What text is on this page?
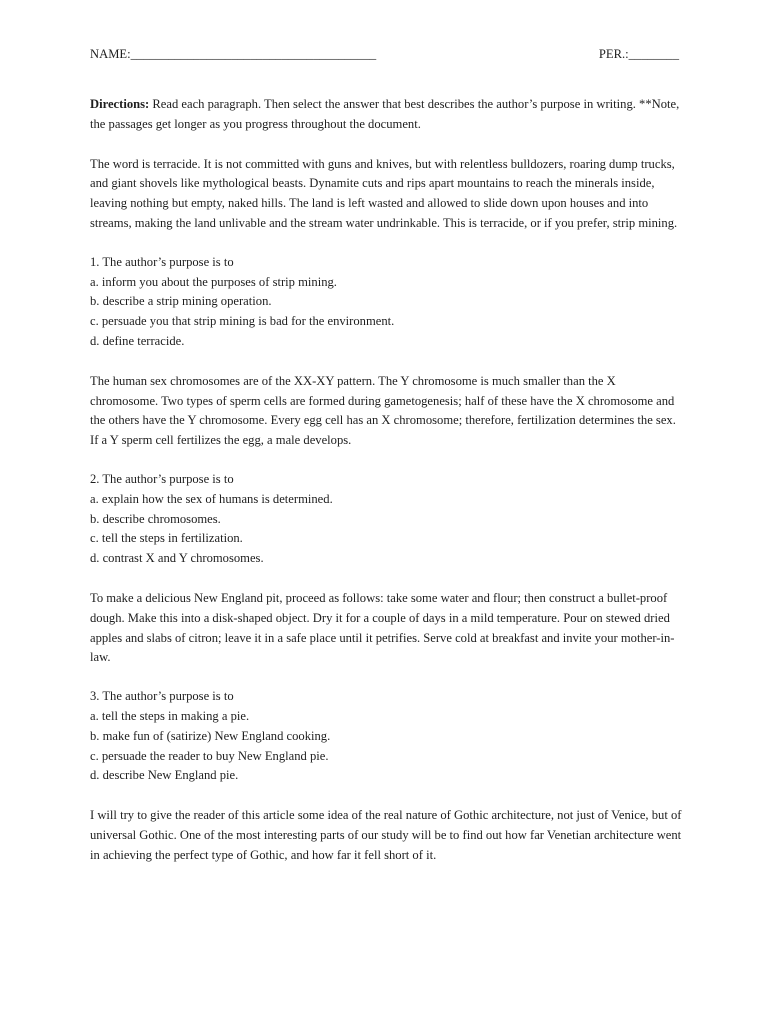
NAME:_______________________________________	PER.:________
Directions: Read each paragraph. Then select the answer that best describes the author’s purpose in writing. **Note, the passages get longer as you progress throughout the document.
The word is terracide. It is not committed with guns and knives, but with relentless bulldozers, roaring dump trucks, and giant shovels like mythological beasts. Dynamite cuts and rips apart mountains to reach the minerals inside, leaving nothing but empty, naked hills. The land is left wasted and allowed to slide down upon houses and into streams, making the land unlivable and the stream water undrinkable. This is terracide, or if you prefer, strip mining.
1. The author’s purpose is to
a. inform you about the purposes of strip mining.
b. describe a strip mining operation.
c. persuade you that strip mining is bad for the environment.
d. define terracide.
The human sex chromosomes are of the XX-XY pattern. The Y chromosome is much smaller than the X chromosome. Two types of sperm cells are formed during gametogenesis; half of these have the X chromosome and the others have the Y chromosome. Every egg cell has an X chromosome; therefore, fertilization determines the sex. If a Y sperm cell fertilizes the egg, a male develops.
2. The author’s purpose is to
a. explain how the sex of humans is determined.
b. describe chromosomes.
c. tell the steps in fertilization.
d. contrast X and Y chromosomes.
To make a delicious New England pit, proceed as follows: take some water and flour; then construct a bullet-proof dough. Make this into a disk-shaped object. Dry it for a couple of days in a mild temperature. Pour on stewed dried apples and slabs of citron; leave it in a safe place until it petrifies. Serve cold at breakfast and invite your mother-in-law.
3. The author’s purpose is to
a. tell the steps in making a pie.
b. make fun of (satirize) New England cooking.
c. persuade the reader to buy New England pie.
d. describe New England pie.
I will try to give the reader of this article some idea of the real nature of Gothic architecture, not just of Venice, but of universal Gothic. One of the most interesting parts of our study will be to find out how far Venetian architecture went in achieving the perfect type of Gothic, and how far it fell short of it.
